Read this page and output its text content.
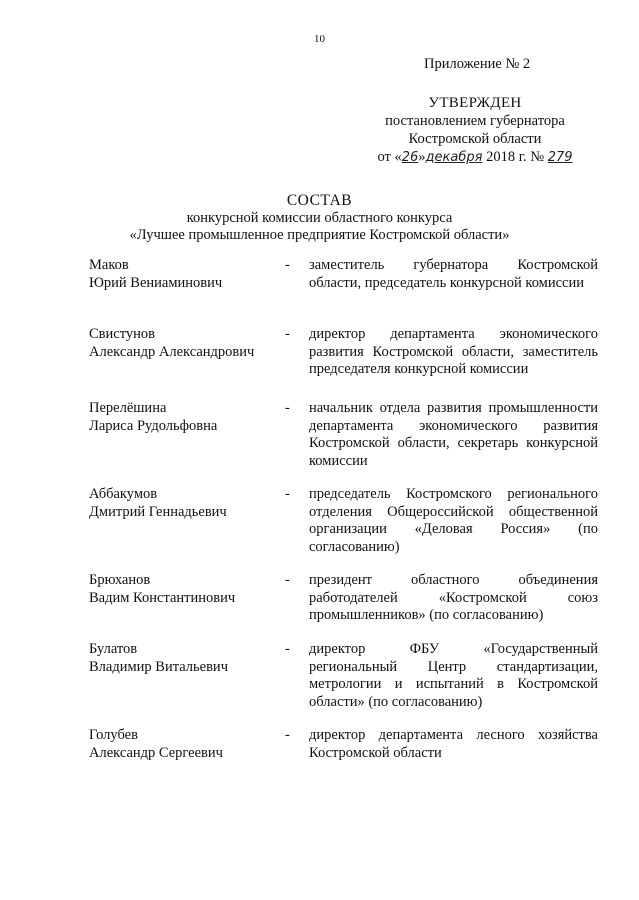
10
Приложение № 2
УТВЕРЖДЕН
постановлением губернатора
Костромской области
от «26»декабря 2018 г. № 279
СОСТАВ
конкурсной комиссии областного конкурса
«Лучшее промышленное предприятие Костромской области»
Маков
Юрий Вениаминович
-	заместитель губернатора Костромской области, председатель конкурсной комиссии
Свистунов
Александр Александрович
-	директор департамента экономического развития Костромской области, заместитель председателя конкурсной комиссии
Перелёшина
Лариса Рудольфовна
-	начальник отдела развития промышленности департамента экономического развития Костромской области, секретарь конкурсной комиссии
Аббакумов
Дмитрий Геннадьевич
-	председатель Костромского регионального отделения Общероссийской общественной организации «Деловая Россия» (по согласованию)
Брюханов
Вадим Константинович
-	президент областного объединения работодателей «Костромской союз промышленников» (по согласованию)
Булатов
Владимир Витальевич
-	директор ФБУ «Государственный региональный Центр стандартизации, метрологии и испытаний в Костромской области» (по согласованию)
Голубев
Александр Сергеевич
-	директор департамента лесного хозяйства Костромской области
